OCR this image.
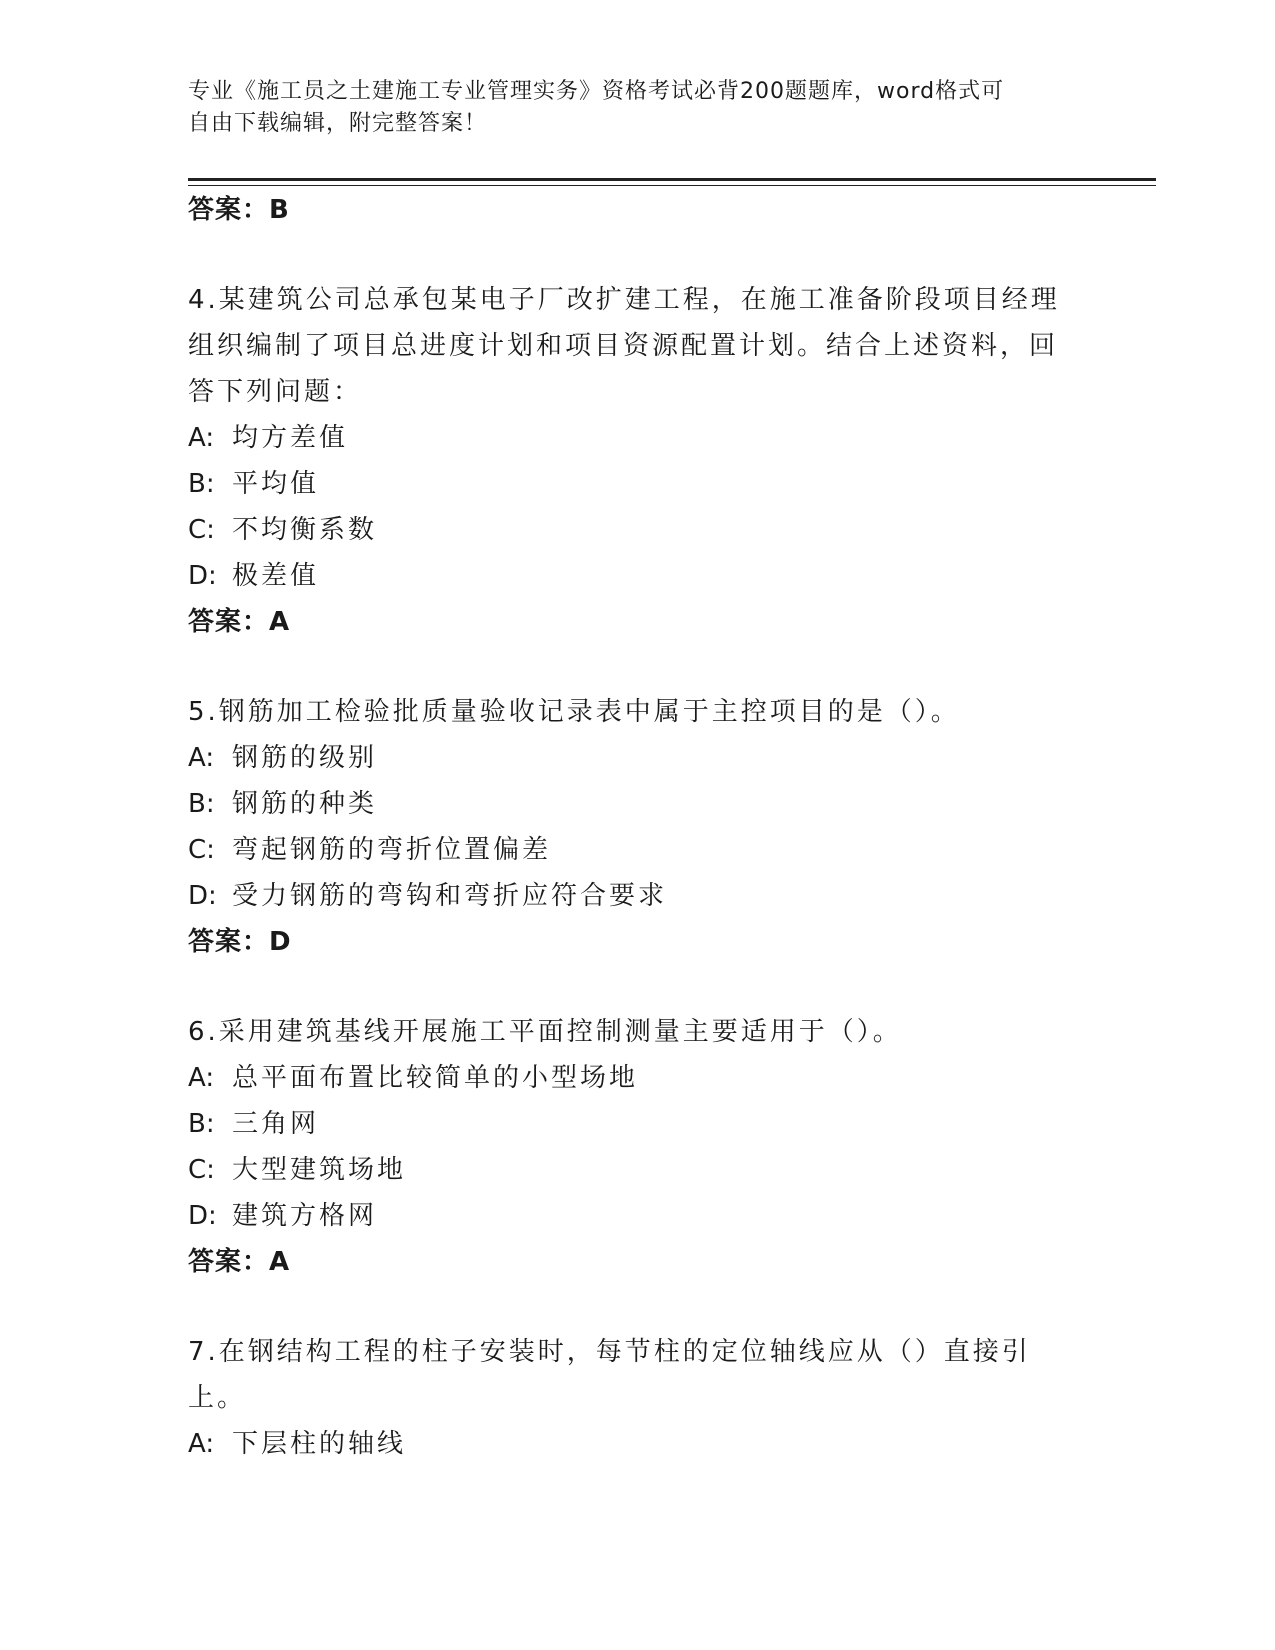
专业《施工员之土建施工专业管理实务》资格考试必背200题题库，word格式可
自由下载编辑，附完整答案！
答案：B

4.某建筑公司总承包某电子厂改扩建工程，在施工准备阶段项目经理组织编制了项目总进度计划和项目资源配置计划。结合上述资料，回答下列问题：

A: 均方差值
B: 平均值
C: 不均衡系数
D: 极差值
答案：A

5.钢筋加工检验批质量验收记录表中属于主控项目的是（）。

A: 钢筋的级别
B: 钢筋的种类
C: 弯起钢筋的弯折位置偏差
D: 受力钢筋的弯钩和弯折应符合要求
答案：D

6.采用建筑基线开展施工平面控制测量主要适用于（）。

A: 总平面布置比较简单的小型场地
B: 三角网
C: 大型建筑场地
D: 建筑方格网
答案：A

7.在钢结构工程的柱子安装时，每节柱的定位轴线应从（）直接引上。

A: 下层柱的轴线
